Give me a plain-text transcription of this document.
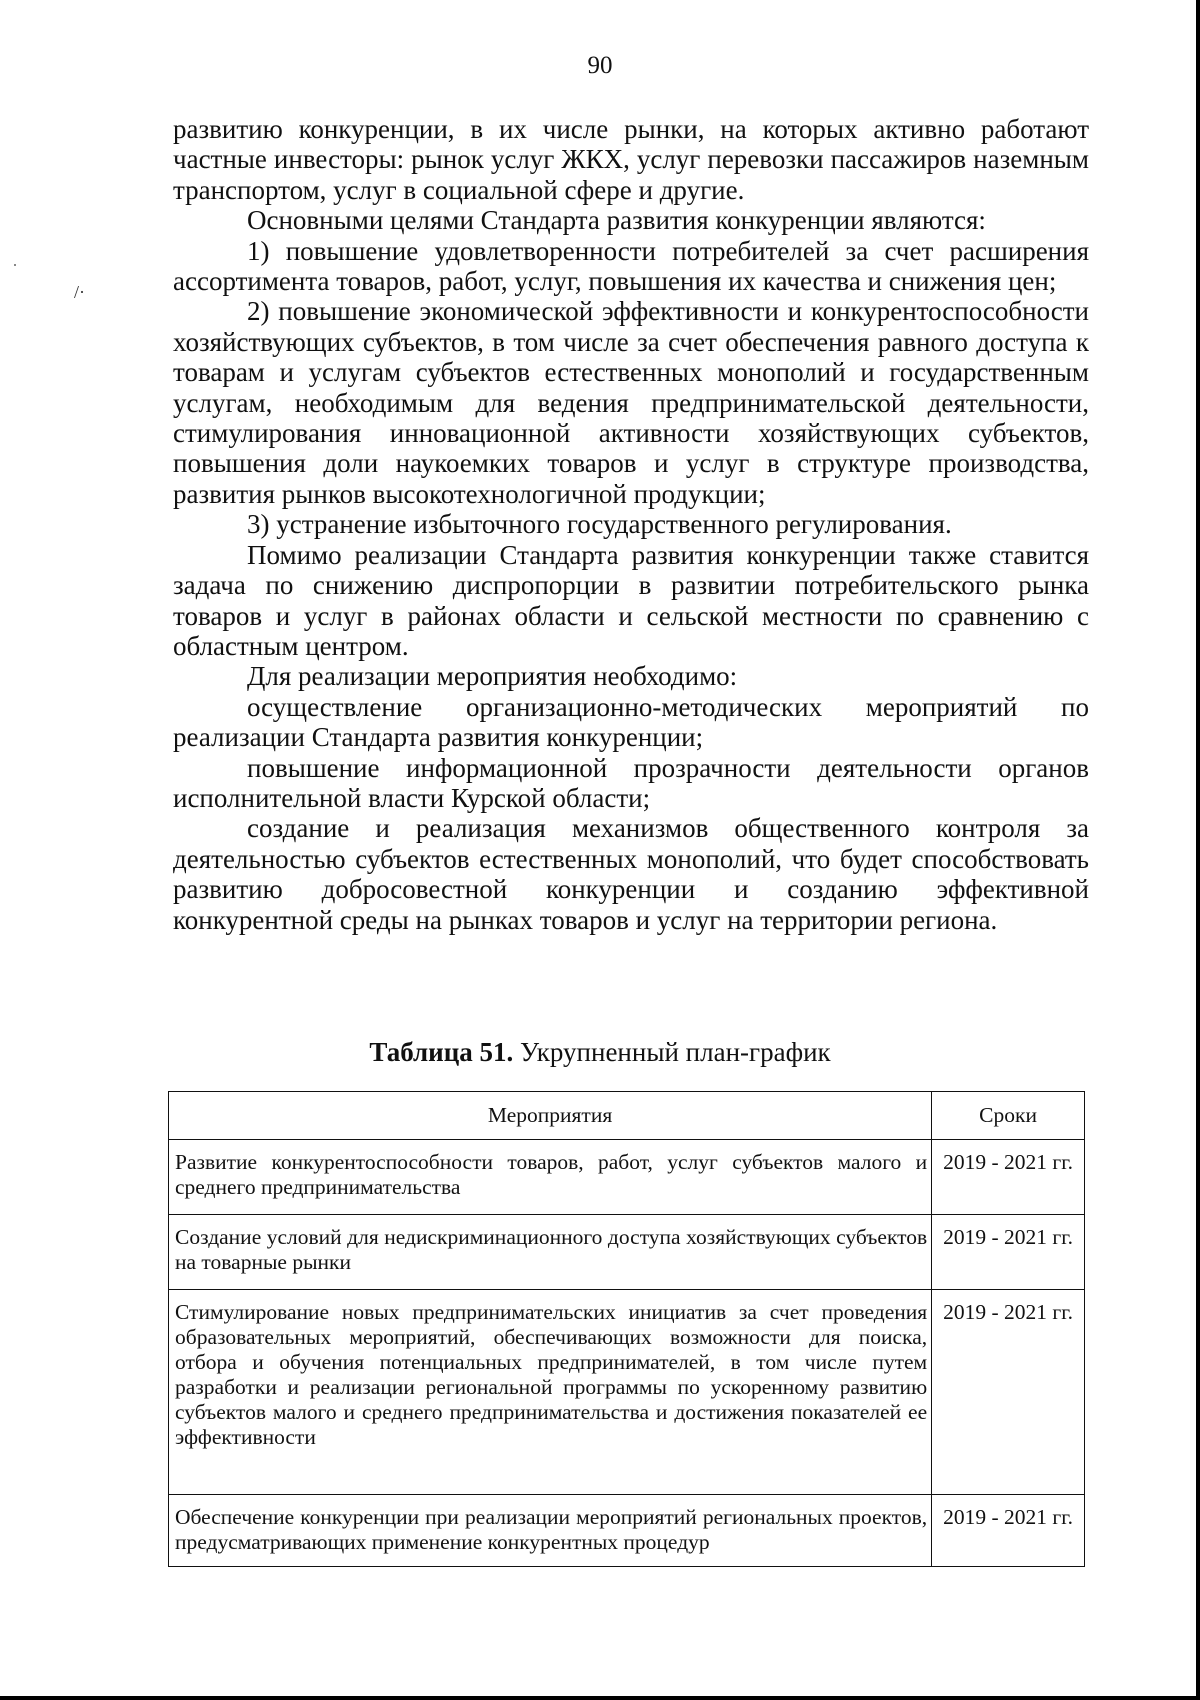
/·
90

развитию конкуренции, в их числе рынки, на которых активно работают частные инвесторы: рынок услуг ЖКХ, услуг перевозки пассажиров наземным транспортом, услуг в социальной сфере и другие.

Основными целями Стандарта развития конкуренции являются:

1) повышение удовлетворенности потребителей за счет расширения ассортимента товаров, работ, услуг, повышения их качества и снижения цен;

2) повышение экономической эффективности и конкурентоспособности хозяйствующих субъектов, в том числе за счет обеспечения равного доступа к товарам и услугам субъектов естественных монополий и государственным услугам, необходимым для ведения предпринимательской деятельности, стимулирования инновационной активности хозяйствующих субъектов, повышения доли наукоемких товаров и услуг в структуре производства, развития рынков высокотехнологичной продукции;

3) устранение избыточного государственного регулирования.

Помимо реализации Стандарта развития конкуренции также ставится задача по снижению диспропорции в развитии потребительского рынка товаров и услуг в районах области и сельской местности по сравнению с областным центром.

Для реализации мероприятия необходимо:

осуществление организационно-методических мероприятий по реализации Стандарта развития конкуренции;

повышение информационной прозрачности деятельности органов исполнительной власти Курской области;

создание и реализация механизмов общественного контроля за деятельностью субъектов естественных монополий, что будет способствовать развитию добросовестной конкуренции и созданию эффективной конкурентной среды на рынках товаров и услуг на территории региона.

Таблица 51. Укрупненный план-график
Мероприятия	Сроки
Развитие конкурентоспособности товаров, работ, услуг субъектов малого и среднего предпринимательства	2019 - 2021 гг.
Создание условий для недискриминационного доступа хозяйствующих субъектов на товарные рынки	2019 - 2021 гг.
Стимулирование новых предпринимательских инициатив за счет проведения образовательных мероприятий, обеспечивающих возможности для поиска, отбора и обучения потенциальных предпринимателей, в том числе путем разработки и реализации региональной программы по ускоренному развитию субъектов малого и среднего предпринимательства и достижения показателей ее эффективности	2019 - 2021 гг.
Обеспечение конкуренции при реализации мероприятий региональных проектов, предусматривающих применение конкурентных процедур	2019 - 2021 гг.
